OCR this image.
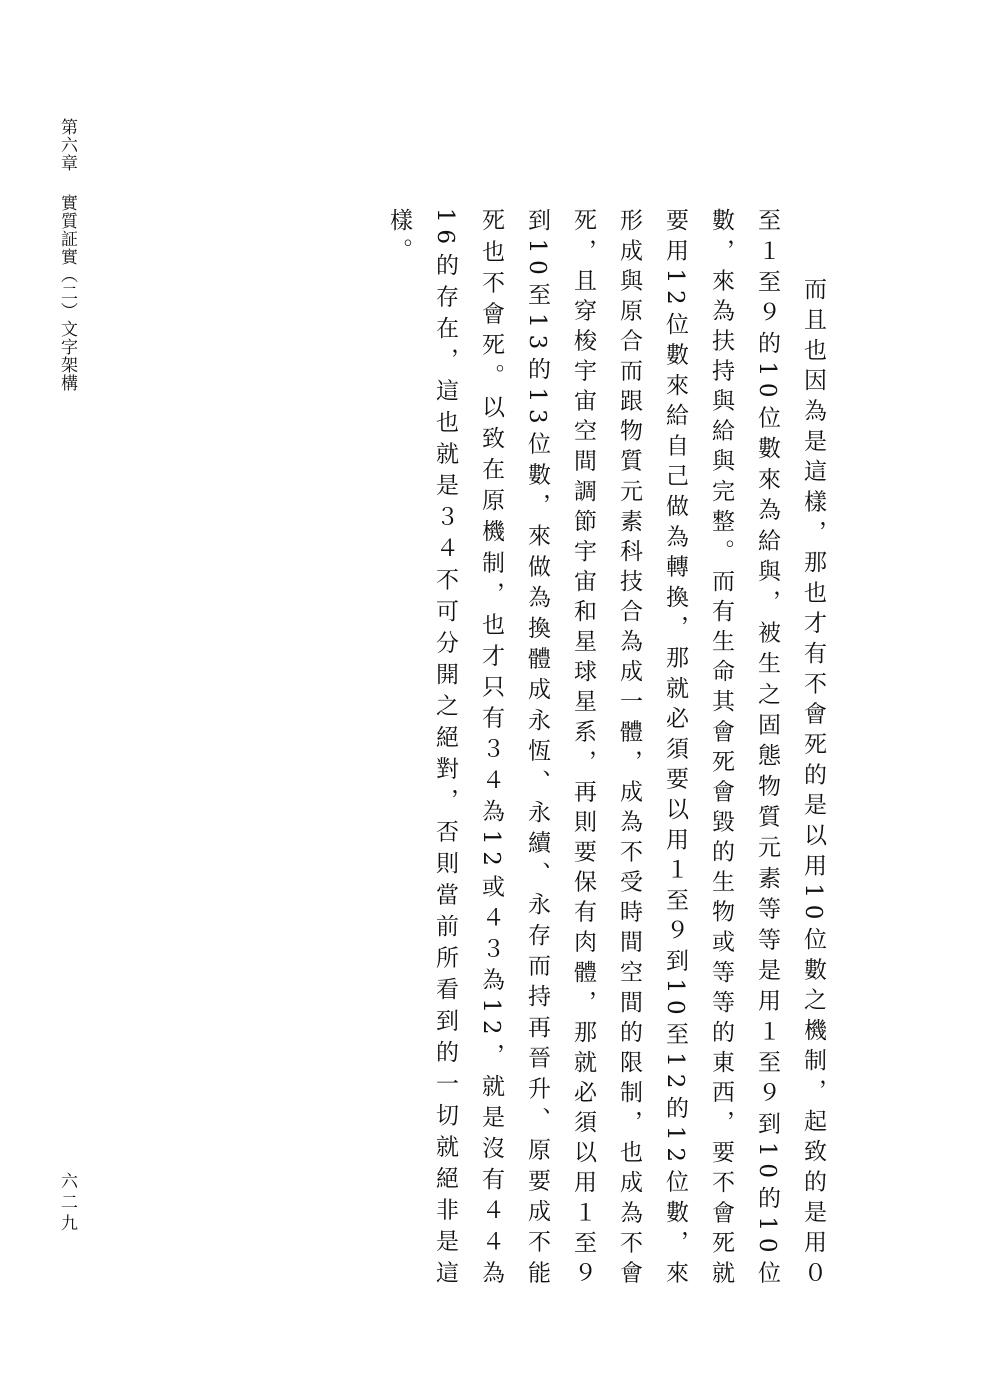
第六章實質証實（二）文字架構	而且也因為是這樣，那也才有不會死的是以用10位數之機制，起致的是用０至１至９的10位數來為給與，被生之固態物質元素等等是用１至９到10的10位數，來為扶持與給與完整。而有生命其會死會毀的生物或等等的東西，要不會死就要用12位數來給自己做為轉換，那就必須要以用１至９到10至12的12位數，來形成與原合而跟物質元素科技合為成一體，成為不受時間空間的限制，也成為不會死，且穿梭宇宙空間調節宇宙和星球星系，再則要保有肉體，那就必須以用１至９到10至13的13位數，來做為換體成永恆、永續、永存而持再晉升、原要成不能死也不會死。以致在原機制，也才只有３４為12或４３為12，就是沒有４４為16的存在，這也就是３４不可分開之絕對，否則當前所看到的一切就絕非是這樣。

六二九
